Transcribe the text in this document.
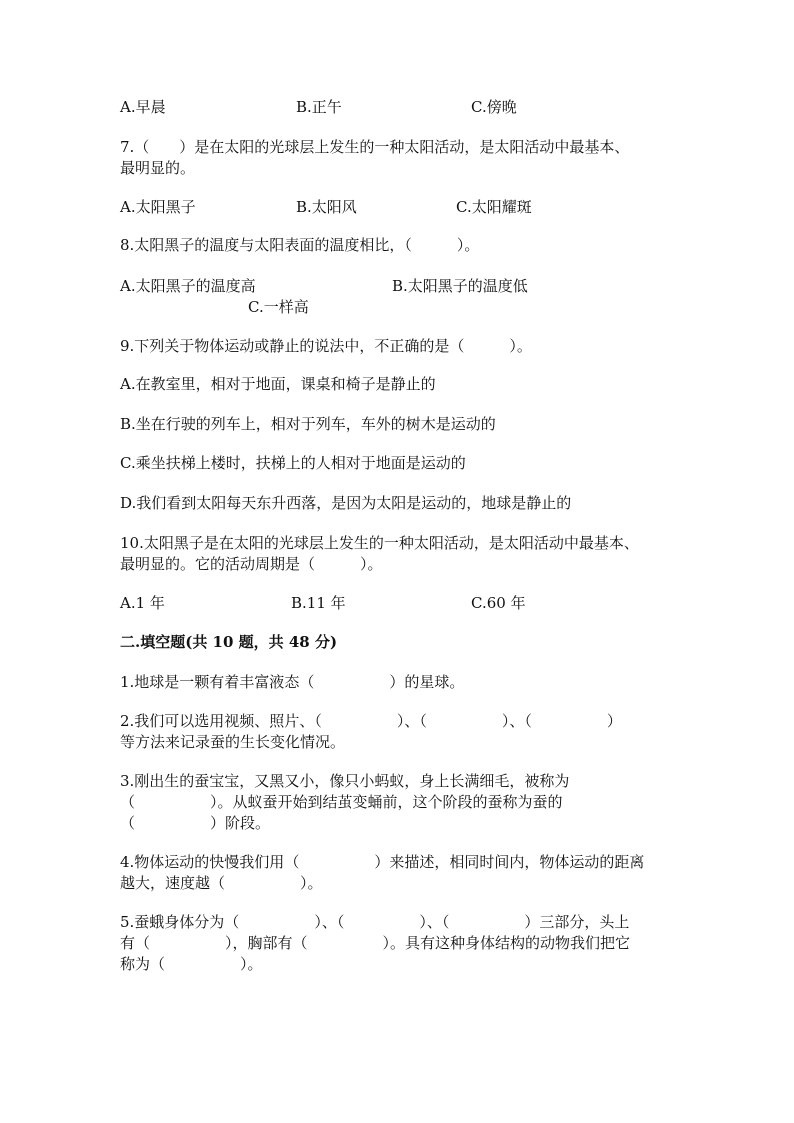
A.早晨	B.正午	C.傍晚
7.（　　）是在太阳的光球层上发生的一种太阳活动，是太阳活动中最基本、
最明显的。
A.太阳黑子	B.太阳风	C.太阳耀斑
8.太阳黑子的温度与太阳表面的温度相比，（　　　）。
A.太阳黑子的温度高	B.太阳黑子的温度低
C.一样高
9.下列关于物体运动或静止的说法中，不正确的是（　　　）。
A.在教室里，相对于地面，课桌和椅子是静止的
B.坐在行驶的列车上，相对于列车，车外的树木是运动的
C.乘坐扶梯上楼时，扶梯上的人相对于地面是运动的
D.我们看到太阳每天东升西落，是因为太阳是运动的，地球是静止的
10.太阳黑子是在太阳的光球层上发生的一种太阳活动，是太阳活动中最基本、
最明显的。它的活动周期是（　　　）。
A.1 年	B.11 年	C.60 年
二.填空题(共 10 题，共 48 分)
1.地球是一颗有着丰富液态（　　　　　）的星球。
2.我们可以选用视频、照片、（　　　　　）、（　　　　　）、（　　　　　）
等方法来记录蚕的生长变化情况。
3.刚出生的蚕宝宝，又黑又小，像只小蚂蚁，身上长满细毛，被称为
（　　　　　）。从蚁蚕开始到结茧变蛹前，这个阶段的蚕称为蚕的
（　　　　　）阶段。
4.物体运动的快慢我们用（　　　　　）来描述，相同时间内，物体运动的距离
越大，速度越（　　　　　）。
5.蚕蛾身体分为（　　　　　）、（　　　　　）、（　　　　　）三部分，头上
有（　　　　　），胸部有（　　　　　）。具有这种身体结构的动物我们把它
称为（　　　　　）。
